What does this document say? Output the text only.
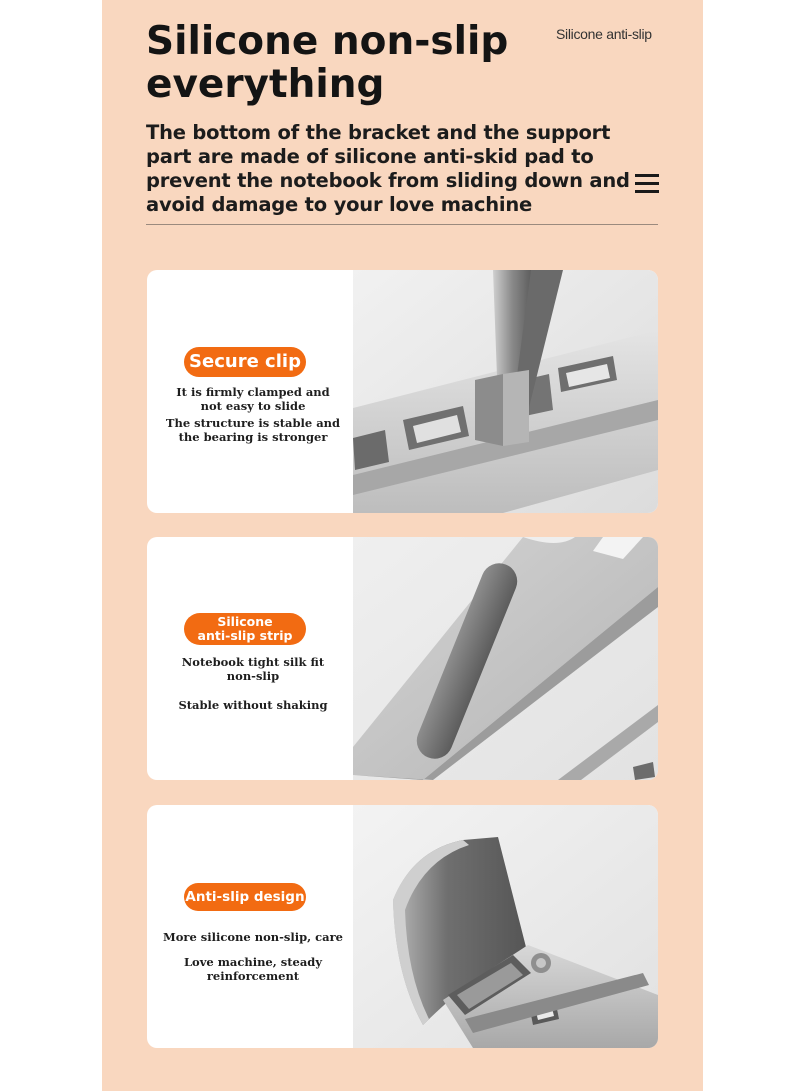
Silicone anti-slip
Silicone non-slip everything

The bottom of the bracket and the support part are made of silicone anti-skid pad to prevent the notebook from sliding down and avoid damage to your love machine

Secure clip
It is firmly clamped and
not easy to slide
The structure is stable and
the bearing is stronger
Silicone
anti-slip strip
Notebook tight silk fit
non-slip
Stable without shaking
Anti-slip design
More silicone non-slip, care
Love machine, steady
reinforcement
